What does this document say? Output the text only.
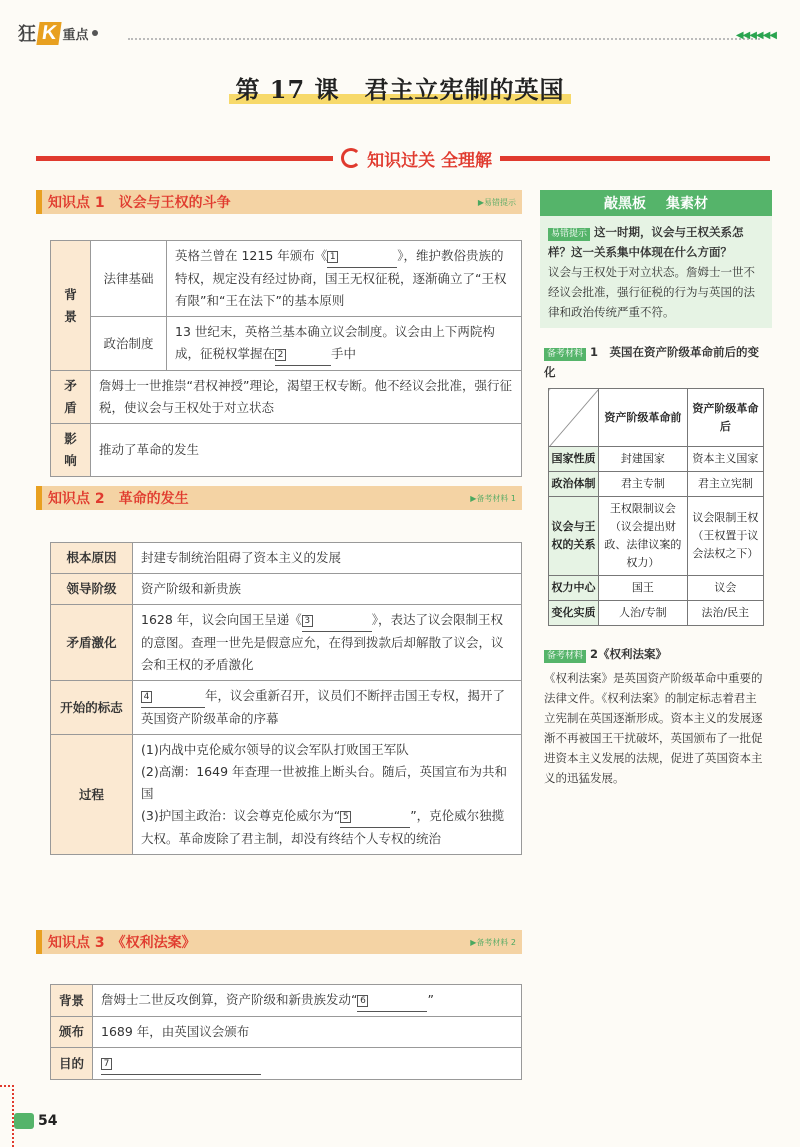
狂 K 重点	◀◀◀◀◀◀
第 17 课　君主立宪制的英国
知识过关 全理解
知识点 1　议会与王权的斗争	▶易错提示
背景	法律基础	英格兰曾在 1215 年颁布《 1 》，维护教俗贵族的特权，规定没有经过协商，国王无权征税，逐渐确立了“王权有限”和“王在法下”的基本原则
	政治制度	13 世纪末，英格兰基本确立议会制度。议会由上下两院构成，征税权掌握在 2 手中
矛盾	詹姆士一世推崇“君权神授”理论，渴望王权专断。他不经议会批准，强行征税，使议会与王权处于对立状态	
影响	推动了革命的发生	
知识点 2　革命的发生	▶备考材料 1
根本原因	封建专制统治阻碍了资本主义的发展
领导阶级	资产阶级和新贵族
矛盾激化	1628 年，议会向国王呈递《 3 》，表达了议会限制王权的意图。查理一世先是假意应允，在得到拨款后却解散了议会，议会和王权的矛盾激化
开始的标志	4 年，议会重新召开，议员们不断抨击国王专权，揭开了英国资产阶级革命的序幕
过程	(1)内战中克伦威尔领导的议会军队打败国王军队
(2)高潮：1649 年查理一世被推上断头台。随后，英国宣布为共和国
(3)护国主政治：议会尊克伦威尔为“ 5 ”，克伦威尔独揽大权。革命废除了君主制，却没有终结个人专权的统治
知识点 3　《权利法案》	▶备考材料 2
背景	詹姆士二世反攻倒算，资产阶级和新贵族发动“ 6 ”
颁布	1689 年，由英国议会颁布
目的	7
敲黑板 集素材
易错提示 这一时期，议会与王权关系怎样？这一关系集中体现在什么方面？
议会与王权处于对立状态。詹姆士一世不经议会批准，强行征税的行为与英国的法律和政治传统严重不符。
备考材料 1　英国在资产阶级革命前后的变化
	资产阶级革命前	资产阶级革命后
国家性质	封建国家	资本主义国家
政治体制	君主专制	君主立宪制
议会与王权的关系	王权限制议会（议会提出财政、法律议案的权力）	议会限制王权（王权置于议会法权之下）
权力中心	国王	议会
变化实质	人治/专制	法治/民主
备考材料 2《权利法案》
《权利法案》是英国资产阶级革命中重要的法律文件。《权利法案》的制定标志着君主立宪制在英国逐渐形成。资本主义的发展逐渐不再被国王干扰破坏，英国颁布了一批促进资本主义发展的法规，促进了英国资本主义的迅猛发展。
54
